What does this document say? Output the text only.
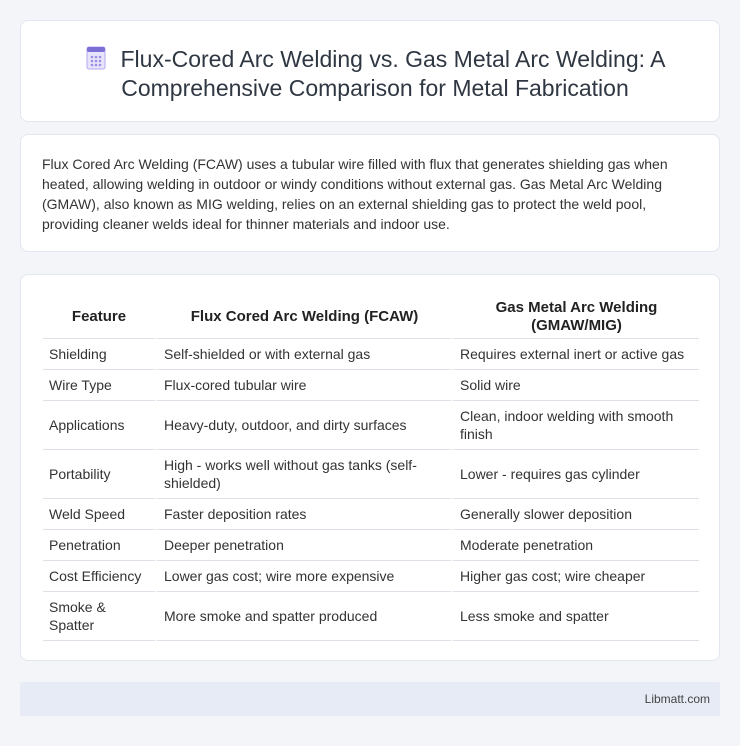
Flux-Cored Arc Welding vs. Gas Metal Arc Welding: A Comprehensive Comparison for Metal Fabrication

Flux Cored Arc Welding (FCAW) uses a tubular wire filled with flux that generates shielding gas when heated, allowing welding in outdoor or windy conditions without external gas. Gas Metal Arc Welding (GMAW), also known as MIG welding, relies on an external shielding gas to protect the weld pool, providing cleaner welds ideal for thinner materials and indoor use.

Feature	Flux Cored Arc Welding (FCAW)	Gas Metal Arc Welding (GMAW/MIG)
Shielding	Self-shielded or with external gas	Requires external inert or active gas
Wire Type	Flux-cored tubular wire	Solid wire
Applications	Heavy-duty, outdoor, and dirty surfaces	Clean, indoor welding with smooth finish
Portability	High - works well without gas tanks (self-shielded)	Lower - requires gas cylinder
Weld Speed	Faster deposition rates	Generally slower deposition
Penetration	Deeper penetration	Moderate penetration
Cost Efficiency	Lower gas cost; wire more expensive	Higher gas cost; wire cheaper
Smoke & Spatter	More smoke and spatter produced	Less smoke and spatter
Libmatt.com
